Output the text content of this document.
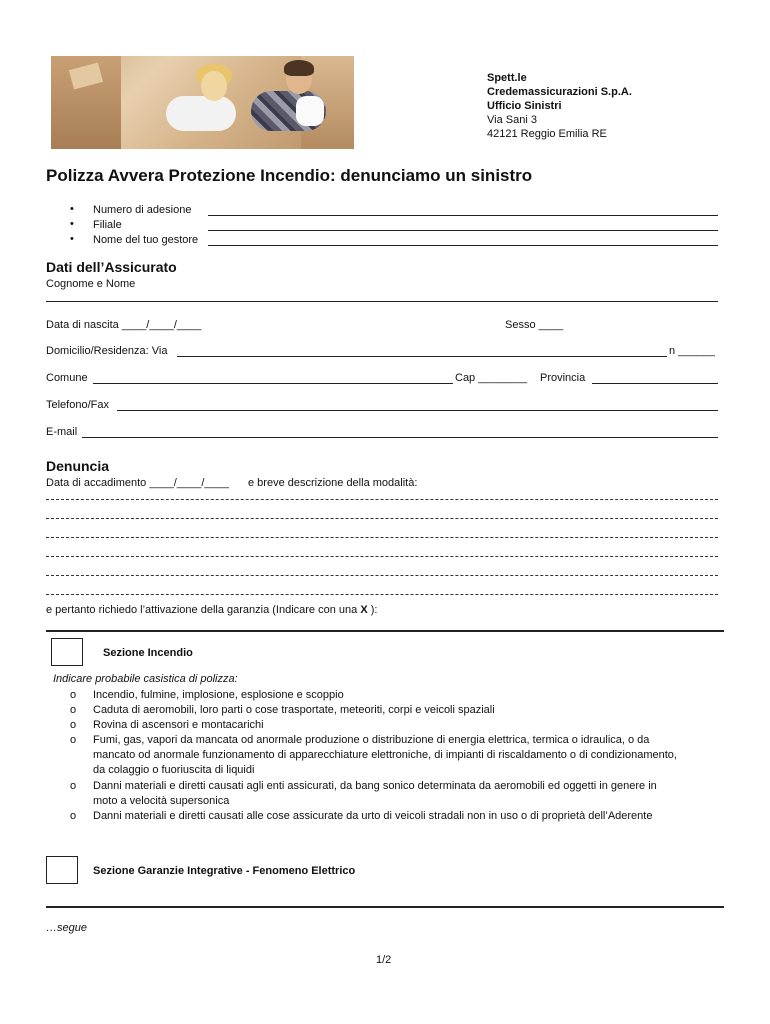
Spett.le
Credemassicurazioni S.p.A.
Ufficio Sinistri
Via Sani 3
42121 Reggio Emilia RE
Polizza Avvera Protezione Incendio: denunciamo un sinistro
• Numero di adesione
• Filiale
• Nome del tuo gestore
Dati dell’Assicurato
Cognome e Nome
Data di nascita ____/____/____	Sesso ____
Domicilio/Residenza: Via	n ______
Comune	Cap ________ Provincia
Telefono/Fax
E-mail
Denuncia
Data di accadimento ____/____/____ e breve descrizione della modalità:
e pertanto richiedo l’attivazione della garanzia (Indicare con una X ):
Sezione Incendio
Indicare probabile casistica di polizza:
o Incendio, fulmine, implosione, esplosione e scoppio
o Caduta di aeromobili, loro parti o cose trasportate, meteoriti, corpi e veicoli spaziali
o Rovina di ascensori e montacarichi
o Fumi, gas, vapori da mancata od anormale produzione o distribuzione di energia elettrica, termica o idraulica, o da
mancato od anormale funzionamento di apparecchiature elettroniche, di impianti di riscaldamento o di condizionamento,
da colaggio o fuoriuscita di liquidi
o Danni materiali e diretti causati agli enti assicurati, da bang sonico determinata da aeromobili ed oggetti in genere in
moto a velocità supersonica
o Danni materiali e diretti causati alle cose assicurate da urto di veicoli stradali non in uso o di proprietà dell’Aderente
Sezione Garanzie Integrative - Fenomeno Elettrico
…segue
1/2
